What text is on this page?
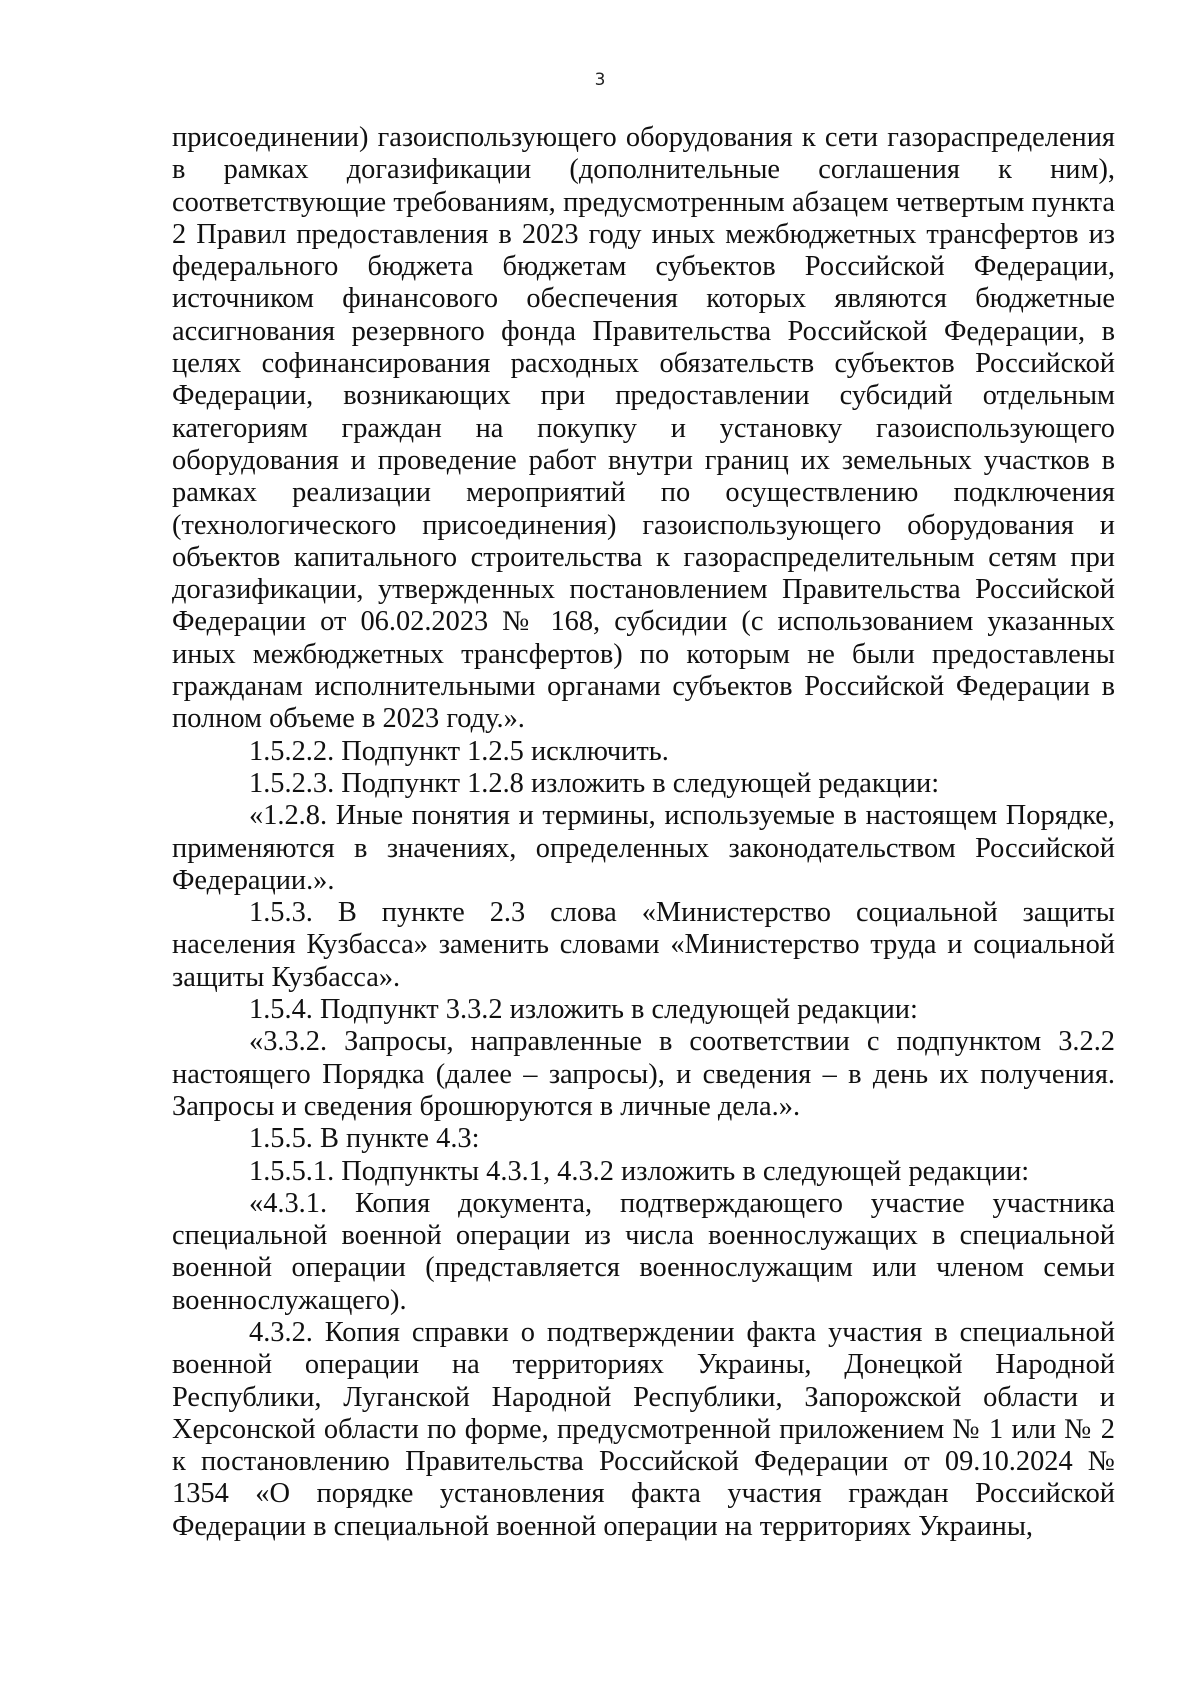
3

присоединении) газоиспользующего оборудования к сети газораспределения в рамках догазификации (дополнительные соглашения к ним), соответствующие требованиям, предусмотренным абзацем четвертым пункта 2 Правил предоставления в 2023 году иных межбюджетных трансфертов из федерального бюджета бюджетам субъектов Российской Федерации, источником финансового обеспечения которых являются бюджетные ассигнования резервного фонда Правительства Российской Федерации, в целях софинансирования расходных обязательств субъектов Российской Федерации, возникающих при предоставлении субсидий отдельным категориям граждан на покупку и установку газоиспользующего оборудования и проведение работ внутри границ их земельных участков в рамках реализации мероприятий по осуществлению подключения (технологического присоединения) газоиспользующего оборудования и объектов капитального строительства к газораспределительным сетям при догазификации, утвержденных постановлением Правительства Российской Федерации от 06.02.2023 № 168, субсидии (с использованием указанных иных межбюджетных трансфертов) по которым не были предоставлены гражданам исполнительными органами субъектов Российской Федерации в полном объеме в 2023 году.».

1.5.2.2. Подпункт 1.2.5 исключить.

1.5.2.3. Подпункт 1.2.8 изложить в следующей редакции:

«1.2.8. Иные понятия и термины, используемые в настоящем Порядке, применяются в значениях, определенных законодательством Российской Федерации.».

1.5.3. В пункте 2.3 слова «Министерство социальной защиты населения Кузбасса» заменить словами «Министерство труда и социальной защиты Кузбасса».

1.5.4. Подпункт 3.3.2 изложить в следующей редакции:

«3.3.2. Запросы, направленные в соответствии с подпунктом 3.2.2 настоящего Порядка (далее – запросы), и сведения – в день их получения. Запросы и сведения брошюруются в личные дела.».

1.5.5. В пункте 4.3:

1.5.5.1. Подпункты 4.3.1, 4.3.2 изложить в следующей редакции:

«4.3.1. Копия документа, подтверждающего участие участника специальной военной операции из числа военнослужащих в специальной военной операции (представляется военнослужащим или членом семьи военнослужащего).

4.3.2. Копия справки о подтверждении факта участия в специальной военной операции на территориях Украины, Донецкой Народной Республики, Луганской Народной Республики, Запорожской области и Херсонской области по форме, предусмотренной приложением № 1 или № 2 к постановлению Правительства Российской Федерации от 09.10.2024 № 1354 «О порядке установления факта участия граждан Российской Федерации в специальной военной операции на территориях Украины,
